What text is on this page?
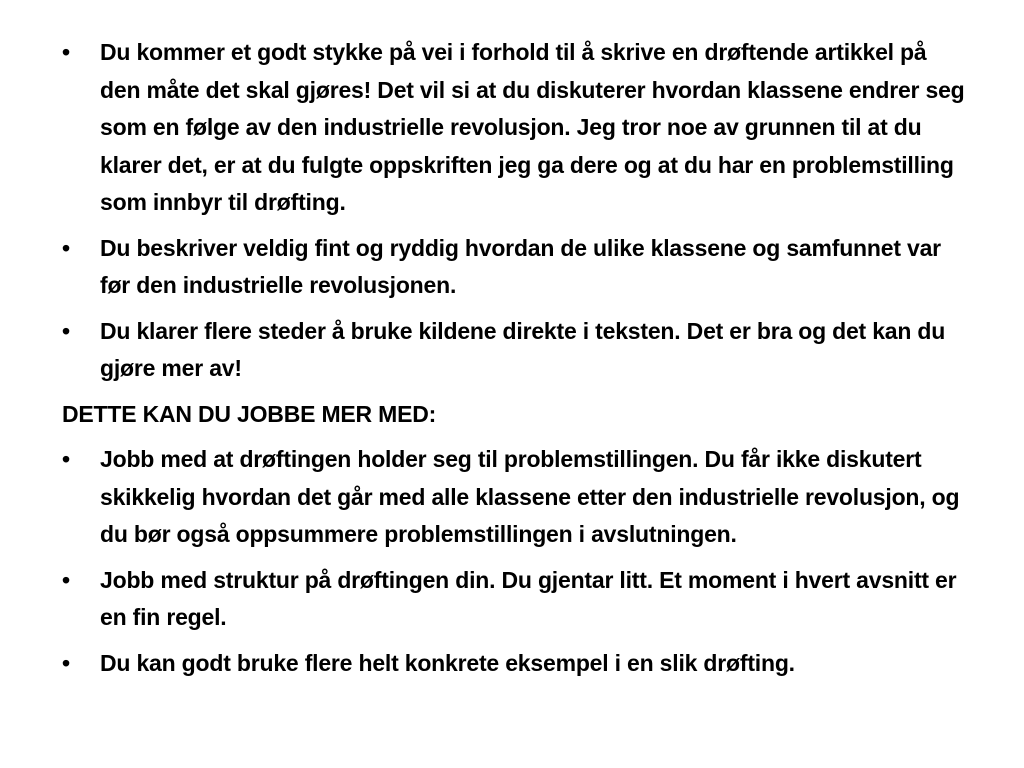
•	Du kommer et godt stykke på vei i forhold til å skrive en drøftende artikkel på den måte det skal gjøres! Det vil si at du diskuterer hvordan klassene endrer seg som en følge av den industrielle revolusjon. Jeg tror noe av grunnen til at du klarer det, er at du fulgte oppskriften jeg ga dere og at du har en problemstilling som innbyr til drøfting.
•	Du beskriver veldig fint og ryddig hvordan de ulike klassene og samfunnet var før den industrielle revolusjonen.
•	Du klarer flere steder å bruke kildene direkte i teksten. Det er bra og det kan du gjøre mer av!

DETTE KAN DU JOBBE MER MED:

•	Jobb med at drøftingen holder seg til problemstillingen. Du får ikke diskutert skikkelig hvordan det går med alle klassene etter den industrielle revolusjon, og du bør også oppsummere problemstillingen i avslutningen.
•	Jobb med struktur på drøftingen din. Du gjentar litt. Et moment i hvert avsnitt er en fin regel.
•	Du kan godt bruke flere helt konkrete eksempel i en slik drøfting.
